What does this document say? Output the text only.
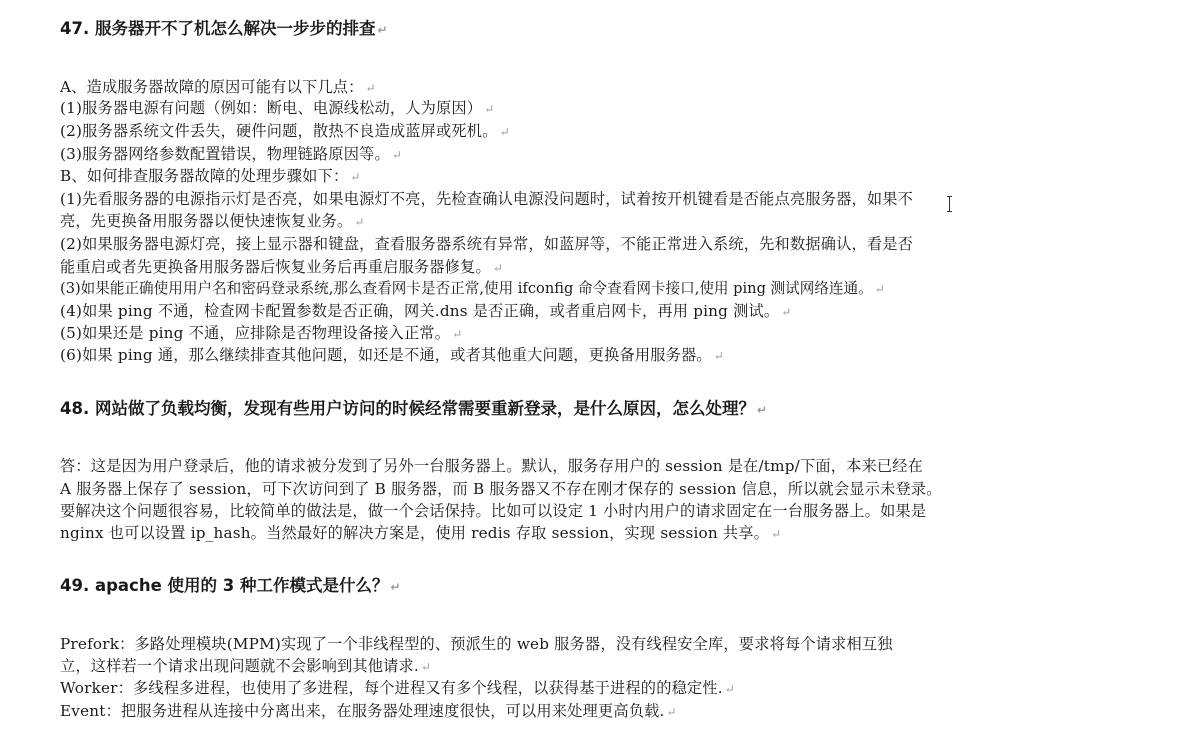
47. 服务器开不了机怎么解决一步步的排查 ↵
A、造成服务器故障的原因可能有以下几点： ↵
(1)服务器电源有问题（例如：断电、电源线松动，人为原因） ↵
(2)服务器系统文件丢失，硬件问题，散热不良造成蓝屏或死机。 ↵
(3)服务器网络参数配置错误，物理链路原因等。 ↵
B、如何排查服务器故障的处理步骤如下： ↵
(1)先看服务器的电源指示灯是否亮，如果电源灯不亮，先检查确认电源没问题时，试着按开机键看是否能点亮服务器，如果不
亮，先更换备用服务器以便快速恢复业务。 ↵
(2)如果服务器电源灯亮，接上显示器和键盘，查看服务器系统有异常，如蓝屏等，不能正常进入系统，先和数据确认，看是否
能重启或者先更换备用服务器后恢复业务后再重启服务器修复。 ↵
(3)如果能正确使用用户名和密码登录系统,那么查看网卡是否正常,使用 ifconfig 命令查看网卡接口,使用 ping 测试网络连通。 ↵
(4)如果 ping 不通，检查网卡配置参数是否正确，网关.dns 是否正确，或者重启网卡，再用 ping 测试。 ↵
(5)如果还是 ping 不通，应排除是否物理设备接入正常。 ↵
(6)如果 ping 通，那么继续排查其他问题，如还是不通，或者其他重大问题，更换备用服务器。 ↵
48. 网站做了负载均衡，发现有些用户访问的时候经常需要重新登录，是什么原因，怎么处理？ ↵
答：这是因为用户登录后，他的请求被分发到了另外一台服务器上。默认，服务存用户的 session 是在/tmp/下面，本来已经在
A 服务器上保存了 session，可下次访问到了 B 服务器，而 B 服务器又不存在刚才保存的 session 信息，所以就会显示未登录。
要解决这个问题很容易，比较简单的做法是，做一个会话保持。比如可以设定 1 小时内用户的请求固定在一台服务器上。如果是
nginx 也可以设置 ip_hash。当然最好的解决方案是，使用 redis 存取 session，实现 session 共享。 ↵
49. apache 使用的 3 种工作模式是什么？ ↵
Prefork：多路处理模块(MPM)实现了一个非线程型的、预派生的 web 服务器，没有线程安全库，要求将每个请求相互独
立，这样若一个请求出现问题就不会影响到其他请求. ↵
Worker：多线程多进程，也使用了多进程，每个进程又有多个线程，以获得基于进程的的稳定性. ↵
Event：把服务进程从连接中分离出来，在服务器处理速度很快，可以用来处理更高负载. ↵
